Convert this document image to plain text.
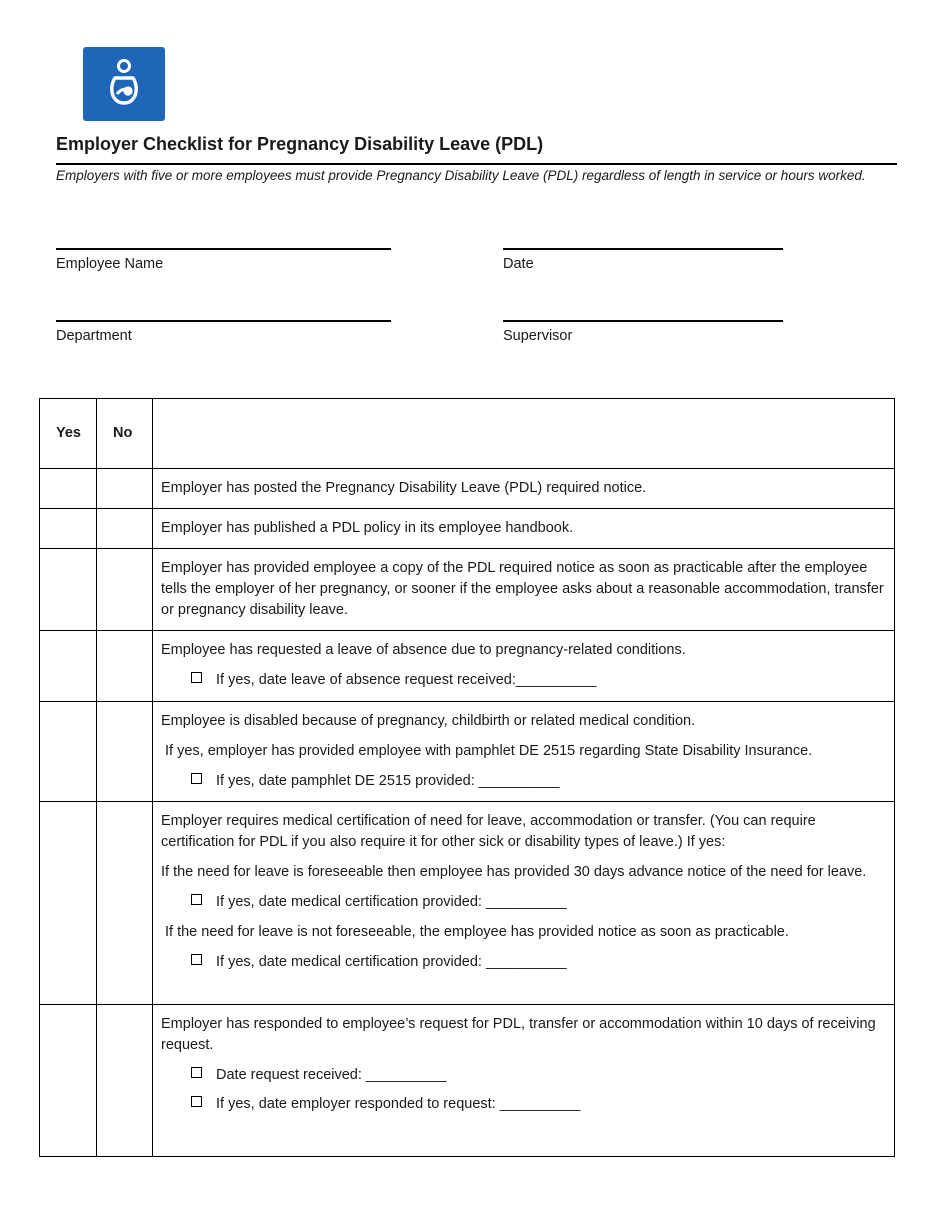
Employer Checklist for Pregnancy Disability Leave (PDL)

Employers with five or more employees must provide Pregnancy Disability Leave (PDL) regardless of length in service or hours worked.

Employee Name	Date
Department	Supervisor
Yes	No	

		Employer has posted the Pregnancy Disability Leave (PDL) required notice.

		Employer has published a PDL policy in its employee handbook.

		Employer has provided employee a copy of the PDL required notice as soon as practicable after the employee tells the employer of her pregnancy, or sooner if the employee asks about a reasonable accommodation, transfer or pregnancy disability leave.

		Employee has requested a leave of absence due to pregnancy-related conditions.

If yes, date leave of absence request received:__________

		Employee is disabled because of pregnancy, childbirth or related medical condition.

If yes, employer has provided employee with pamphlet DE 2515 regarding State Disability Insurance.

If yes, date pamphlet DE 2515 provided: __________

		Employer requires medical certification of need for leave, accommodation or transfer. (You can require certification for PDL if you also require it for other sick or disability types of leave.) If yes:

If the need for leave is foreseeable then employee has provided 30 days advance notice of the need for leave.

If yes, date medical certification provided: __________

If the need for leave is not foreseeable, the employee has provided notice as soon as practicable.

If yes, date medical certification provided: __________

		Employer has responded to employee’s request for PDL, transfer or accommodation within 10 days of receiving request.

Date request received: __________

If yes, date employer responded to request: __________
